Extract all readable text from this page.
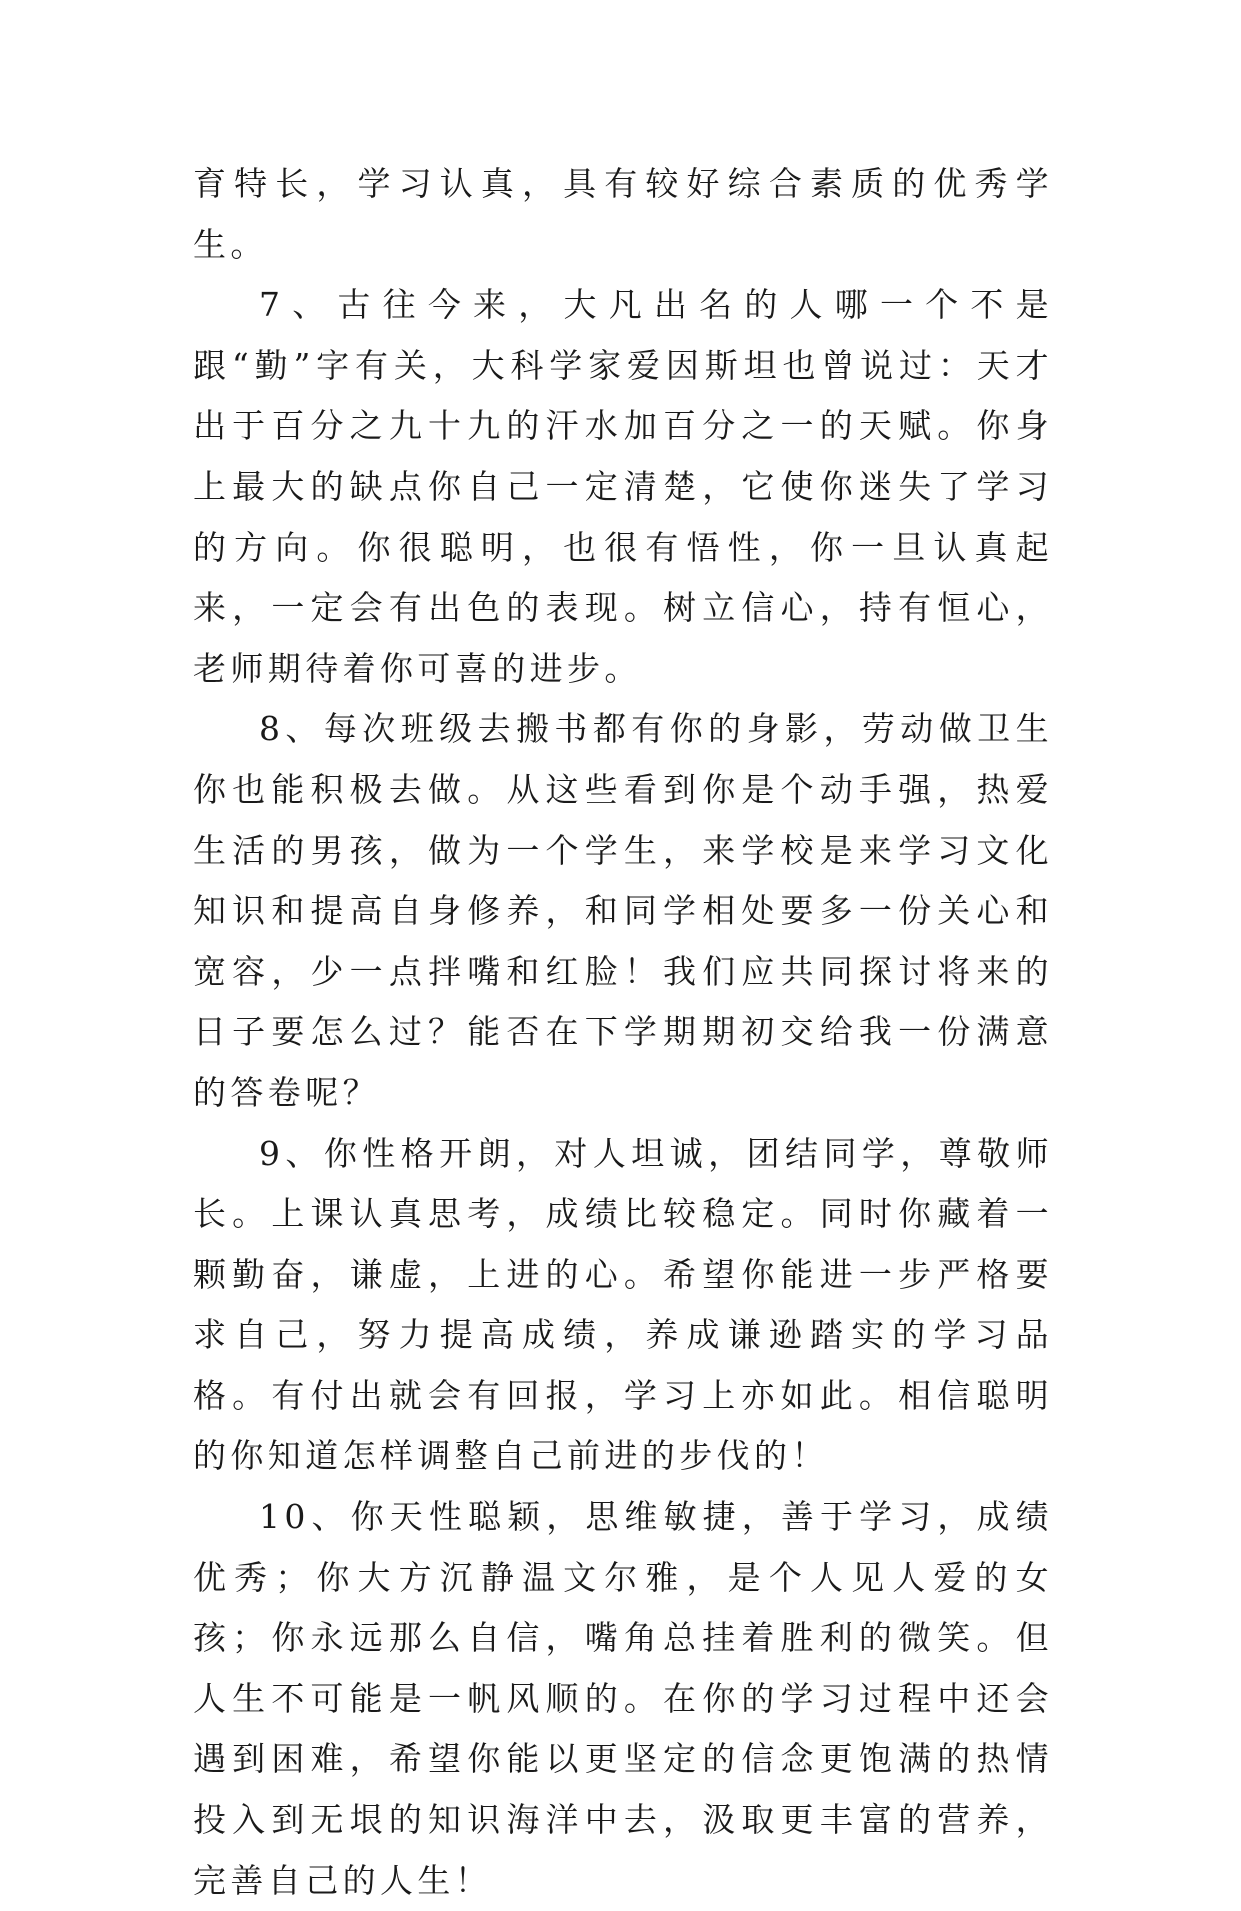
育特长，学习认真，具有较好综合素质的优秀学生。

7、古往今来，大凡出名的人哪一个不是跟“勤”字有关，大科学家爱因斯坦也曾说过：天才出于百分之九十九的汗水加百分之一的天赋。你身上最大的缺点你自己一定清楚，它使你迷失了学习的方向。你很聪明，也很有悟性，你一旦认真起来，一定会有出色的表现。树立信心，持有恒心，老师期待着你可喜的进步。

8、每次班级去搬书都有你的身影，劳动做卫生你也能积极去做。从这些看到你是个动手强，热爱生活的男孩，做为一个学生，来学校是来学习文化知识和提高自身修养，和同学相处要多一份关心和宽容，少一点拌嘴和红脸！我们应共同探讨将来的日子要怎么过？能否在下学期期初交给我一份满意的答卷呢？

9、你性格开朗，对人坦诚，团结同学，尊敬师长。上课认真思考，成绩比较稳定。同时你藏着一颗勤奋，谦虚，上进的心。希望你能进一步严格要求自己，努力提高成绩，养成谦逊踏实的学习品格。有付出就会有回报，学习上亦如此。相信聪明的你知道怎样调整自己前进的步伐的！

10、你天性聪颖，思维敏捷，善于学习，成绩优秀；你大方沉静温文尔雅，是个人见人爱的女孩；你永远那么自信，嘴角总挂着胜利的微笑。但人生不可能是一帆风顺的。在你的学习过程中还会遇到困难，希望你能以更坚定的信念更饱满的热情投入到无垠的知识海洋中去，汲取更丰富的营养，完善自己的人生！
